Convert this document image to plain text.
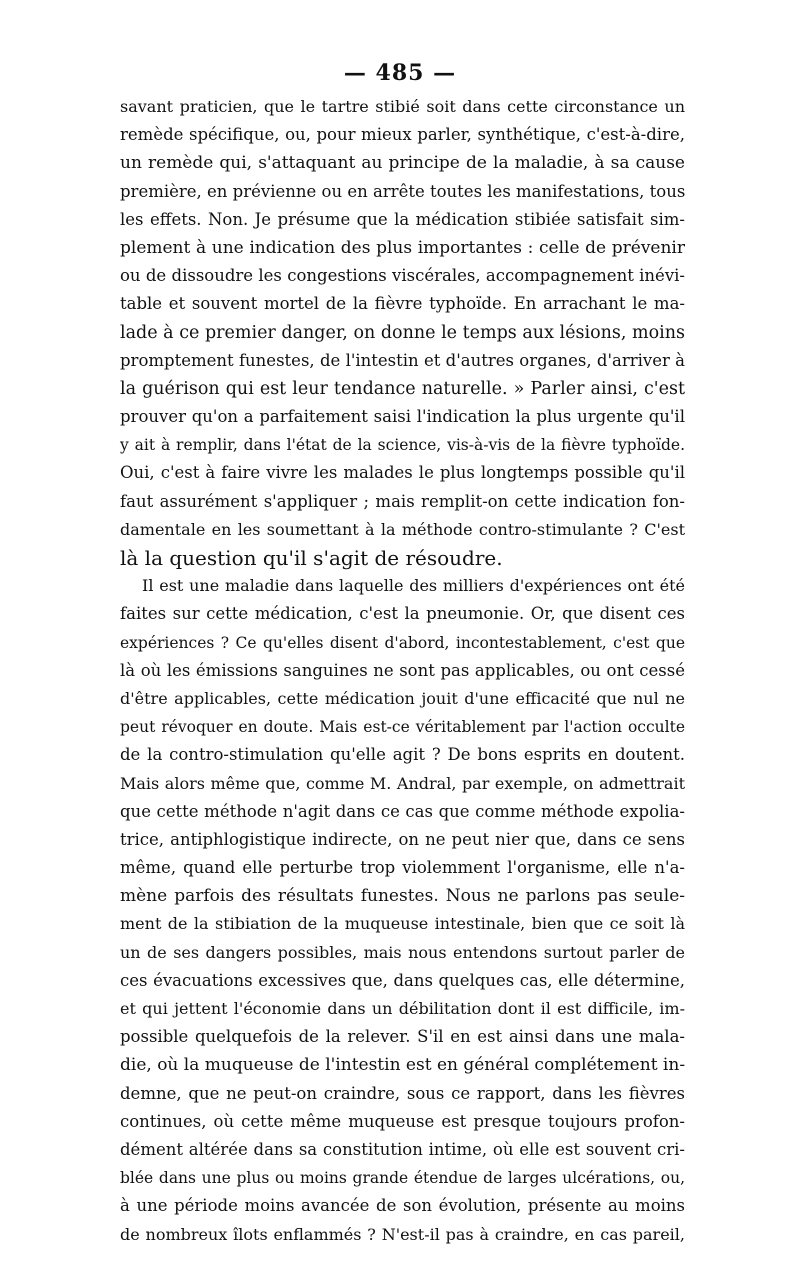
— 485 —
savant praticien, que le tartre stibié soit dans cette circonstance un
remède spécifique, ou, pour mieux parler, synthétique, c'est-à-dire,
un remède qui, s'attaquant au principe de la maladie, à sa cause
première, en prévienne ou en arrête toutes les manifestations, tous
les effets. Non. Je présume que la médication stibiée satisfait sim-
plement à une indication des plus importantes : celle de prévenir
ou de dissoudre les congestions viscérales, accompagnement inévi-
table et souvent mortel de la fièvre typhoïde. En arrachant le ma-
lade à ce premier danger, on donne le temps aux lésions, moins
promptement funestes, de l'intestin et d'autres organes, d'arriver à
la guérison qui est leur tendance naturelle. » Parler ainsi, c'est
prouver qu'on a parfaitement saisi l'indication la plus urgente qu'il
y ait à remplir, dans l'état de la science, vis-à-vis de la fièvre typhoïde.
Oui, c'est à faire vivre les malades le plus longtemps possible qu'il
faut assurément s'appliquer ; mais remplit-on cette indication fon-
damentale en les soumettant à la méthode contro-stimulante ? C'est
là la question qu'il s'agit de résoudre.
Il est une maladie dans laquelle des milliers d'expériences ont été
faites sur cette médication, c'est la pneumonie. Or, que disent ces
expériences ? Ce qu'elles disent d'abord, incontestablement, c'est que
là où les émissions sanguines ne sont pas applicables, ou ont cessé
d'être applicables, cette médication jouit d'une efficacité que nul ne
peut révoquer en doute. Mais est-ce véritablement par l'action occulte
de la contro-stimulation qu'elle agit ? De bons esprits en doutent.
Mais alors même que, comme M. Andral, par exemple, on admettrait
que cette méthode n'agit dans ce cas que comme méthode expolia-
trice, antiphlogistique indirecte, on ne peut nier que, dans ce sens
même, quand elle perturbe trop violemment l'organisme, elle n'a-
mène parfois des résultats funestes. Nous ne parlons pas seule-
ment de la stibiation de la muqueuse intestinale, bien que ce soit là
un de ses dangers possibles, mais nous entendons surtout parler de
ces évacuations excessives que, dans quelques cas, elle détermine,
et qui jettent l'économie dans un débilitation dont il est difficile, im-
possible quelquefois de la relever. S'il en est ainsi dans une mala-
die, où la muqueuse de l'intestin est en général complétement in-
demne, que ne peut-on craindre, sous ce rapport, dans les fièvres
continues, où cette même muqueuse est presque toujours profon-
dément altérée dans sa constitution intime, où elle est souvent cri-
blée dans une plus ou moins grande étendue de larges ulcérations, ou,
à une période moins avancée de son évolution, présente au moins
de nombreux îlots enflammés ? N'est-il pas à craindre, en cas pareil,
